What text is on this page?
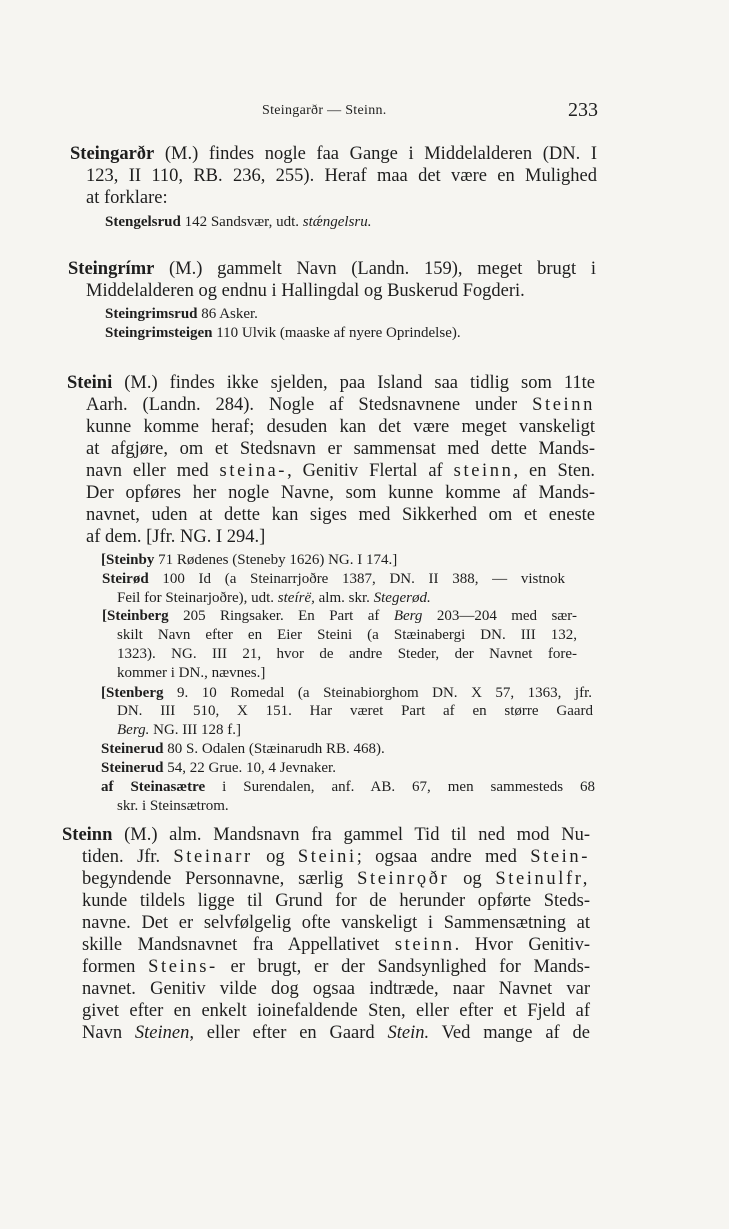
Steingarðr — Steinn.	233
Steingarðr (M.) findes nogle faa Gange i Middelalderen (DN. I
123, II 110, RB. 236, 255). Heraf maa det være en Mulighed
at forklare:
Stengelsrud 142 Sandsvær, udt. stǽngelsru.
Steingrímr (M.) gammelt Navn (Landn. 159), meget brugt i
Middelalderen og endnu i Hallingdal og Buskerud Fogderi.
Steingrimsrud 86 Asker.
Steingrimsteigen 110 Ulvik (maaske af nyere Oprindelse).
Steini (M.) findes ikke sjelden, paa Island saa tidlig som 11te
Aarh. (Landn. 284). Nogle af Stedsnavnene under Steinn
kunne komme heraf; desuden kan det være meget vanskeligt
at afgjøre, om et Stedsnavn er sammensat med dette Mands-
navn eller med steina-, Genitiv Flertal af steinn, en Sten.
Der opføres her nogle Navne, som kunne komme af Mands-
navnet, uden at dette kan siges med Sikkerhed om et eneste
af dem. [Jfr. NG. I 294.]
[Steinby 71 Rødenes (Steneby 1626) NG. I 174.]
Steirød 100 Id (a Steinarrjoðre 1387, DN. II 388, — vistnok
Feil for Steinarjoðre), udt. steírë, alm. skr. Stegerød.
[Steinberg 205 Ringsaker. En Part af Berg 203—204 med sær-
skilt Navn efter en Eier Steini (a Stæinabergi DN. III 132,
1323). NG. III 21, hvor de andre Steder, der Navnet fore-
kommer i DN., nævnes.]
[Stenberg 9. 10 Romedal (a Steinabiorghom DN. X 57, 1363, jfr.
DN. III 510, X 151. Har været Part af en større Gaard
Berg. NG. III 128 f.]
Steinerud 80 S. Odalen (Stæinarudh RB. 468).
Steinerud 54, 22 Grue. 10, 4 Jevnaker.
af Steinasætre i Surendalen, anf. AB. 67, men sammesteds 68
skr. i Steinsætrom.
Steinn (M.) alm. Mandsnavn fra gammel Tid til ned mod Nu-
tiden. Jfr. Steinarr og Steini; ogsaa andre med Stein-
begyndende Personnavne, særlig Steinrǫðr og Steinulfr,
kunde tildels ligge til Grund for de herunder opførte Steds-
navne. Det er selvfølgelig ofte vanskeligt i Sammensætning at
skille Mandsnavnet fra Appellativet steinn. Hvor Genitiv-
formen Steins- er brugt, er der Sandsynlighed for Mands-
navnet. Genitiv vilde dog ogsaa indtræde, naar Navnet var
givet efter en enkelt ioinefaldende Sten, eller efter et Fjeld af
Navn Steinen, eller efter en Gaard Stein. Ved mange af de
